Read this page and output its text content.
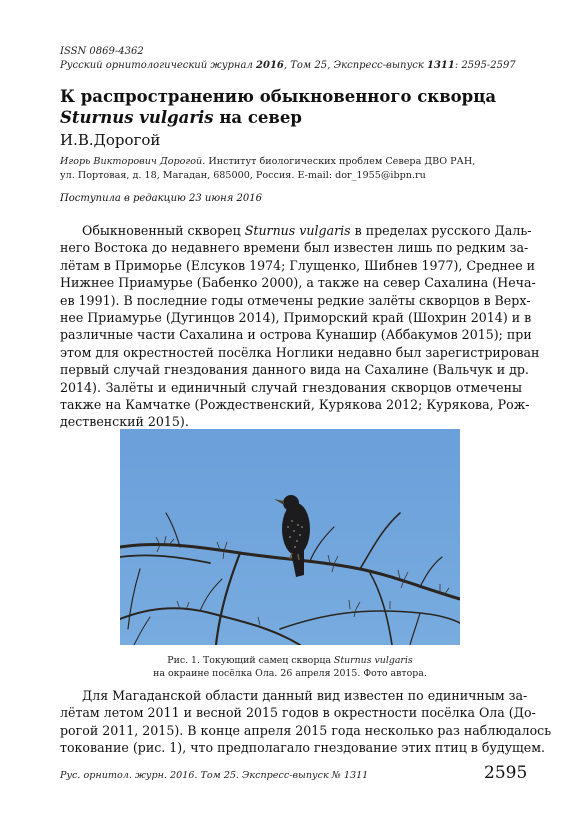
ISSN 0869-4362
Русский орнитологический журнал 2016, Том 25, Экспресс-выпуск 1311: 2595-2597
К распространению обыкновенного скворца
Sturnus vulgaris на север
И.В.Дорогой
Игорь Викторович Дорогой. Институт биологических проблем Севера ДВО РАН,
ул. Портовая, д. 18, Магадан, 685000, Россия. E-mail: dor_1955@ibpn.ru
Поступила в редакцию 23 июня 2016
Обыкновенный скворец Sturnus vulgaris в пределах русского Даль-
него Востока до недавнего времени был известен лишь по редким за-
лётам в Приморье (Елсуков 1974; Глущенко, Шибнев 1977), Среднее и
Нижнее Приамурье (Бабенко 2000), а также на север Сахалина (Неча-
ев 1991). В последние годы отмечены редкие залёты скворцов в Верх-
нее Приамурье (Дугинцов 2014), Приморский край (Шохрин 2014) и в
различные части Сахалина и острова Кунашир (Аббакумов 2015); при
этом для окрестностей посёлка Ноглики недавно был зарегистрирован
первый случай гнездования данного вида на Сахалине (Вальчук и др.
2014). Залёты и единичный случай гнездования скворцов отмечены
также на Камчатке (Рождественский, Курякова 2012; Курякова, Рож-
дественский 2015).
Рис. 1. Токующий самец скворца Sturnus vulgaris
на окраине посёлка Ола. 26 апреля 2015. Фото автора.
Для Магаданской области данный вид известен по единичным за-
лётам летом 2011 и весной 2015 годов в окрестности посёлка Ола (До-
рогой 2011, 2015). В конце апреля 2015 года несколько раз наблюдалось
токование (рис. 1), что предполагало гнездование этих птиц в будущем.
Рус. орнитол. журн. 2016. Том 25. Экспресс-выпуск № 1311	2595
